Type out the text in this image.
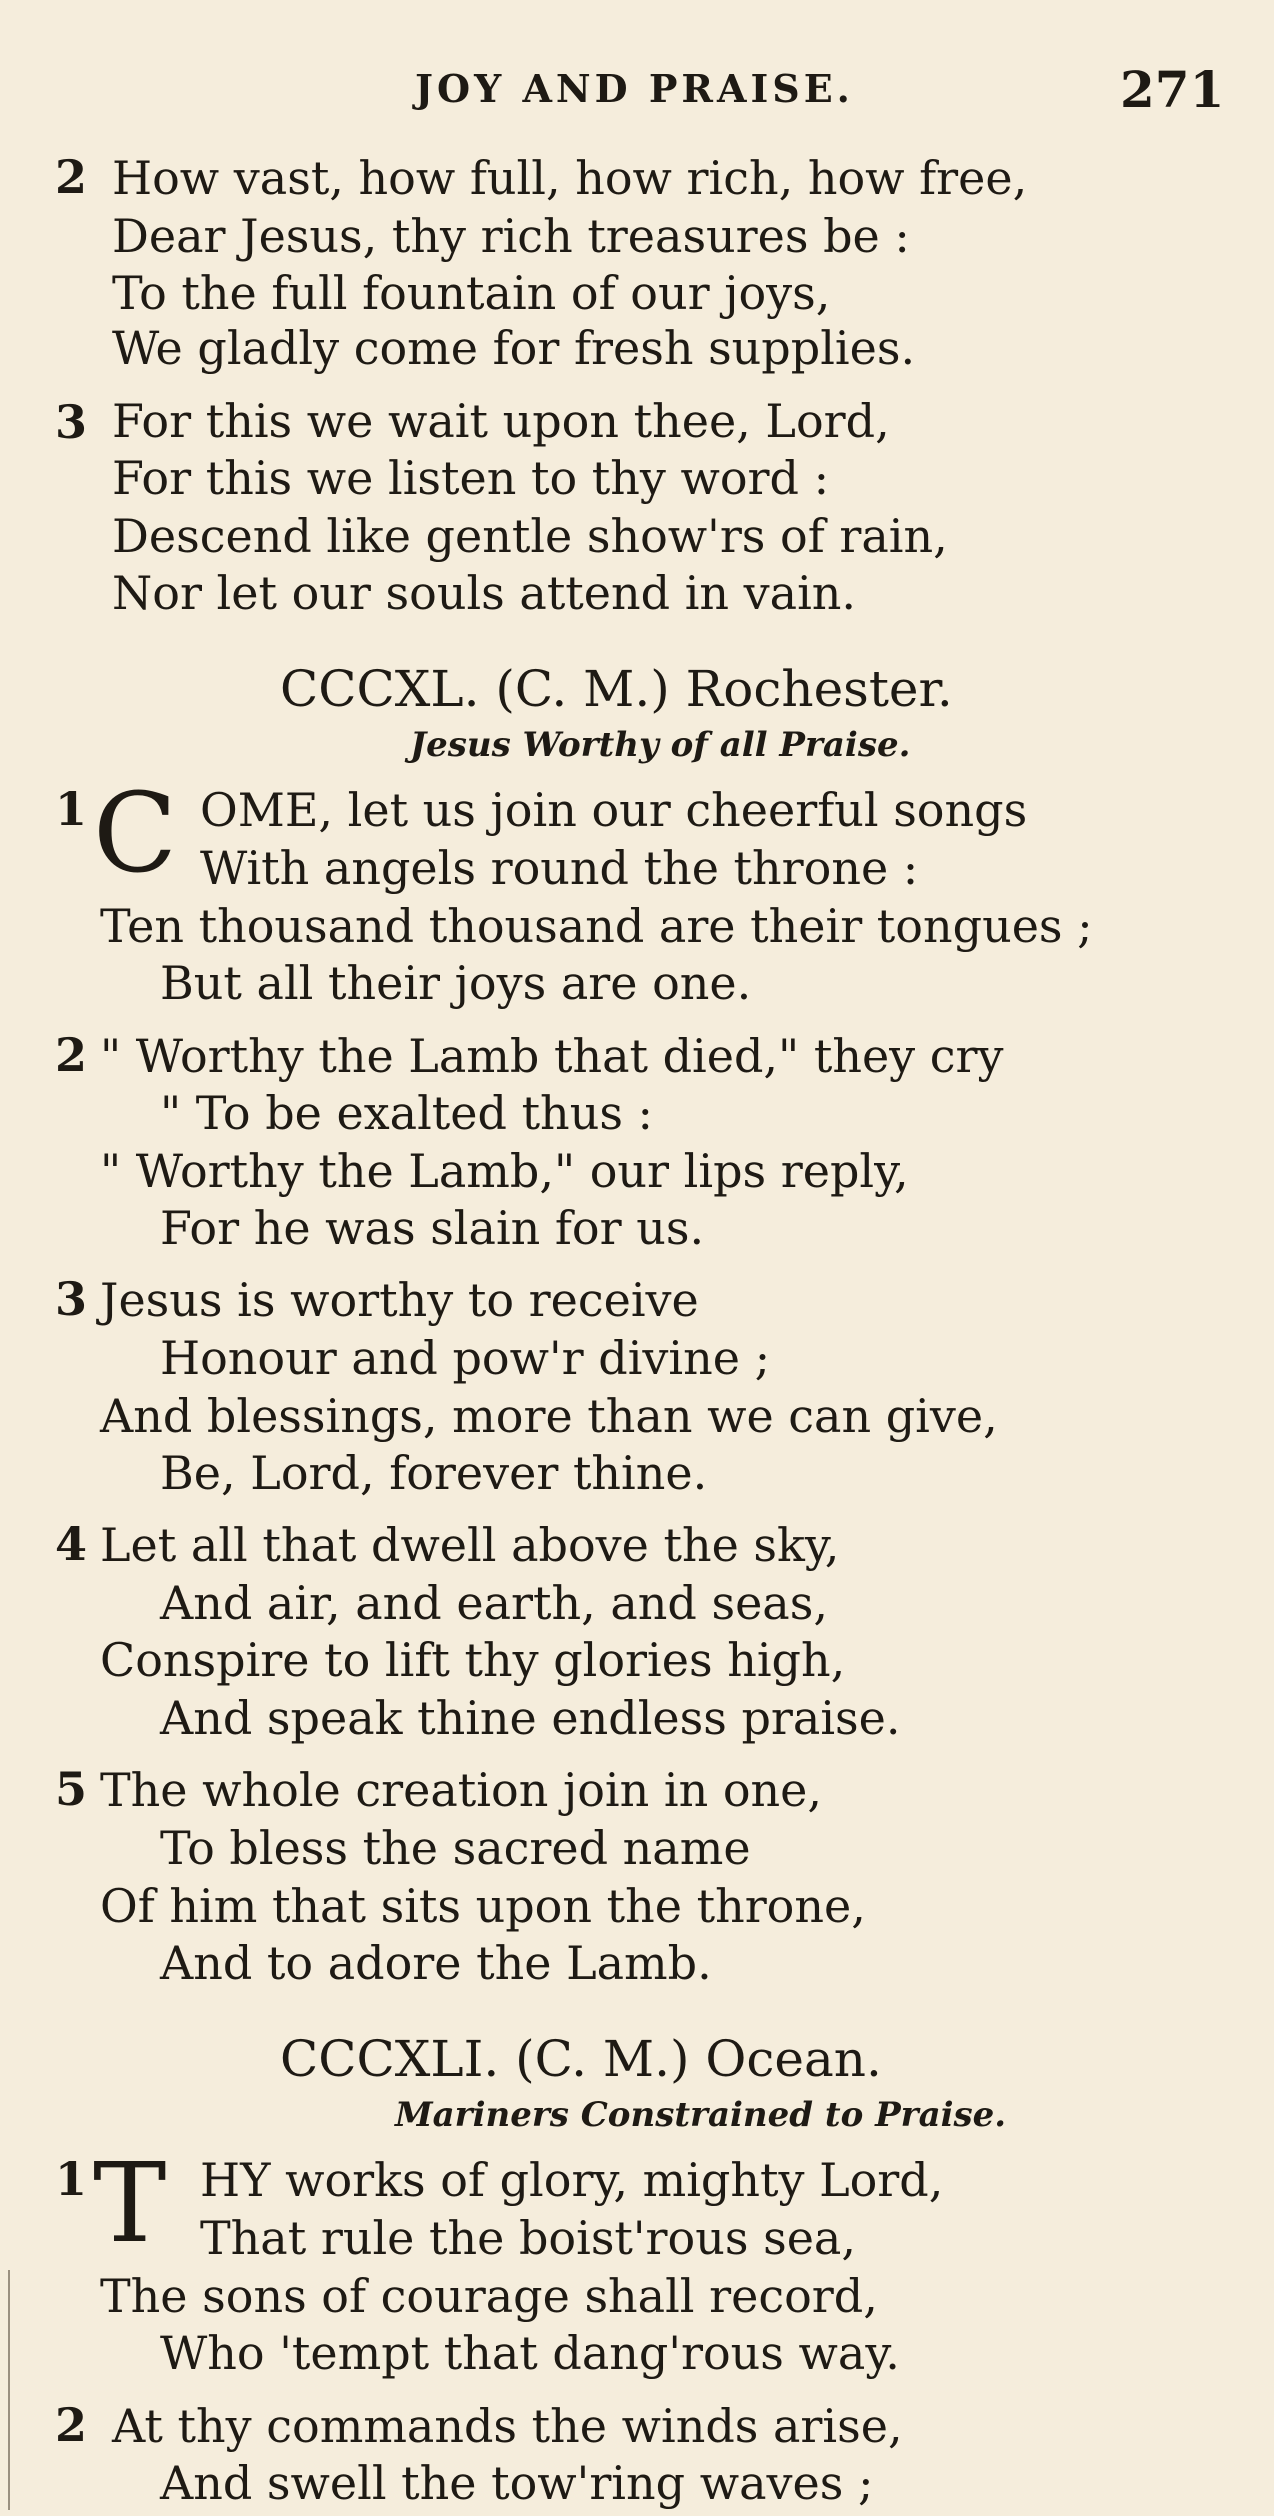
JOY AND PRAISE.	271
2 How vast, how full, how rich, how free,
Dear Jesus, thy rich treasures be :
To the full fountain of our joys,
We gladly come for fresh supplies.
3 For this we wait upon thee, Lord,
For this we listen to thy word :
Descend like gentle show'rs of rain,
Nor let our souls attend in vain.
CCCXL. (C. M.) Rochester.
Jesus Worthy of all Praise.
1 C OME, let us join our cheerful songs
With angels round the throne :
Ten thousand thousand are their tongues ;
But all their joys are one.
2 " Worthy the Lamb that died," they cry
" To be exalted thus :
" Worthy the Lamb," our lips reply,
For he was slain for us.
3 Jesus is worthy to receive
Honour and pow'r divine ;
And blessings, more than we can give,
Be, Lord, forever thine.
4 Let all that dwell above the sky,
And air, and earth, and seas,
Conspire to lift thy glories high,
And speak thine endless praise.
5 The whole creation join in one,
To bless the sacred name
Of him that sits upon the throne,
And to adore the Lamb.
CCCXLI. (C. M.) Ocean.
Mariners Constrained to Praise.
1 T HY works of glory, mighty Lord,
That rule the boist'rous sea,
The sons of courage shall record,
Who 'tempt that dang'rous way.
2 At thy commands the winds arise,
And swell the tow'ring waves ;
